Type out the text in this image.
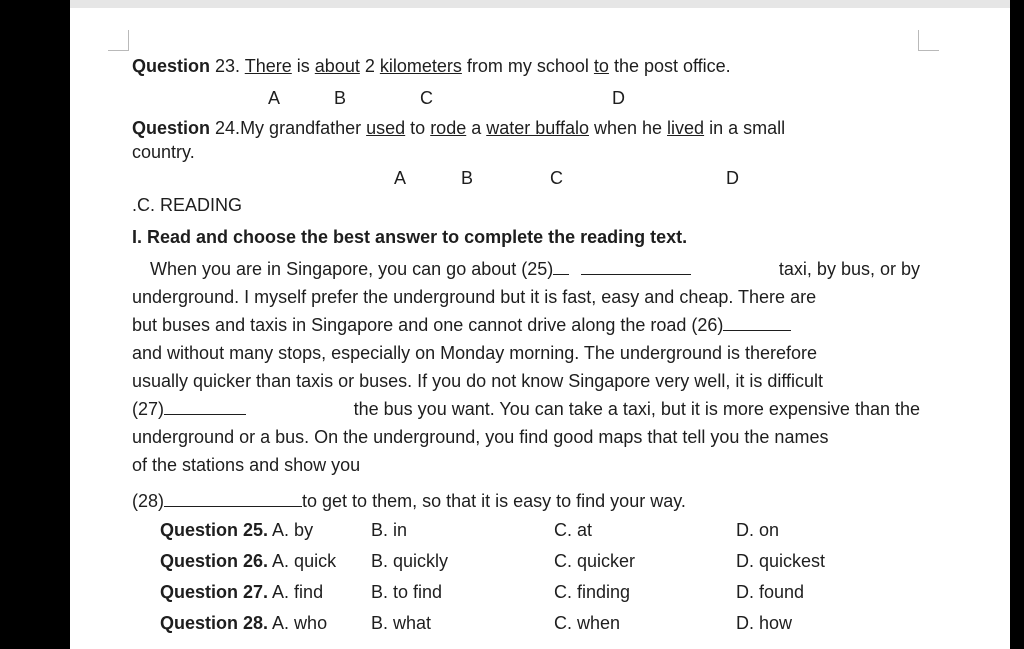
Question 23. There is about 2 kilometers from my school to the post office.
A	B	C	D
Question 24.My grandfather used to rode a water buffalo when he lived in a small
country.
A	B	C	D
.C. READING
I. Read and choose the best answer to complete the reading text.
When you are in Singapore, you can go about (25)	taxi, by bus, or by
underground. I myself prefer the underground but it is fast, easy and cheap. There are
but buses and taxis in Singapore and one cannot drive along the road (26)
and without many stops, especially on Monday morning. The underground is therefore
usually quicker than taxis or buses. If you do not know Singapore very well, it is difficult
(27)	the bus you want. You can take a taxi, but it is more expensive than the
underground or a bus. On the underground, you find good maps that tell you the names
of the stations and show you
(28)	to get to them, so that it is easy to find your way.
Question 25. A. by	B. in	C. at	D. on
Question 26. A. quick B. quickly	C. quicker	D. quickest
Question 27. A. find	B. to find	C. finding	D. found
Question 28. A. who B. what	C. when	D. how
